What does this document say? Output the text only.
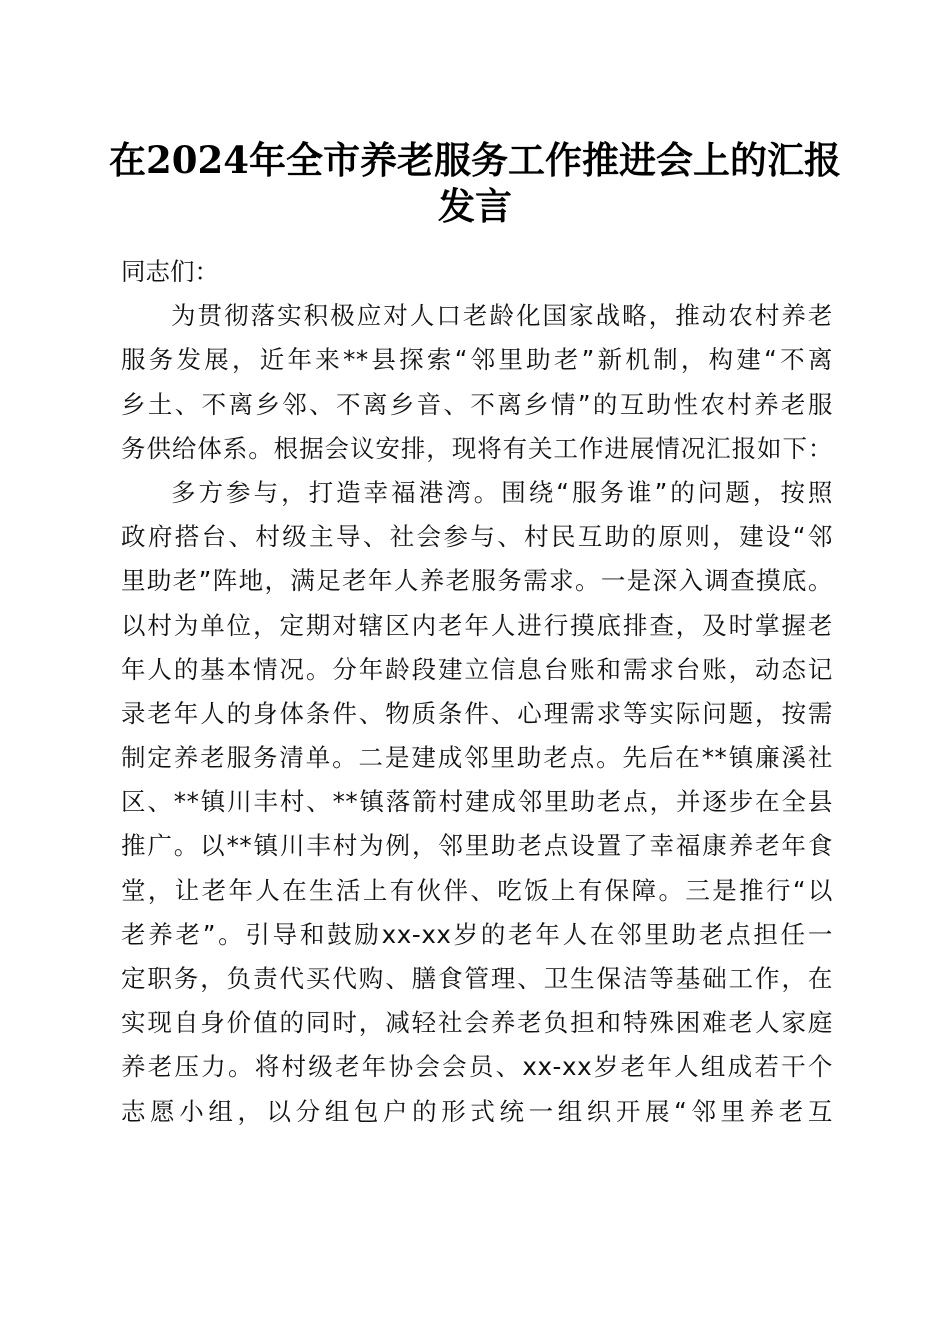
在2024年全市养老服务工作推进会上的汇报
发言
同志们：
为贯彻落实积极应对人口老龄化国家战略，推动农村养老
服务发展，近年来**县探索“邻里助老”新机制，构建“不离
乡土、不离乡邻、不离乡音、不离乡情”的互助性农村养老服
务供给体系。根据会议安排，现将有关工作进展情况汇报如下：
多方参与，打造幸福港湾。围绕“服务谁”的问题，按照
政府搭台、村级主导、社会参与、村民互助的原则，建设“邻
里助老”阵地，满足老年人养老服务需求。一是深入调查摸底。
以村为单位，定期对辖区内老年人进行摸底排查，及时掌握老
年人的基本情况。分年龄段建立信息台账和需求台账，动态记
录老年人的身体条件、物质条件、心理需求等实际问题，按需
制定养老服务清单。二是建成邻里助老点。先后在**镇廉溪社
区、**镇川丰村、**镇落箭村建成邻里助老点，并逐步在全县
推广。以**镇川丰村为例，邻里助老点设置了幸福康养老年食
堂，让老年人在生活上有伙伴、吃饭上有保障。三是推行“以
老养老”。引导和鼓励xx-xx岁的老年人在邻里助老点担任一
定职务，负责代买代购、膳食管理、卫生保洁等基础工作，在
实现自身价值的同时，减轻社会养老负担和特殊困难老人家庭
养老压力。将村级老年协会会员、xx-xx岁老年人组成若干个
志愿小组，以分组包户的形式统一组织开展“邻里养老互
